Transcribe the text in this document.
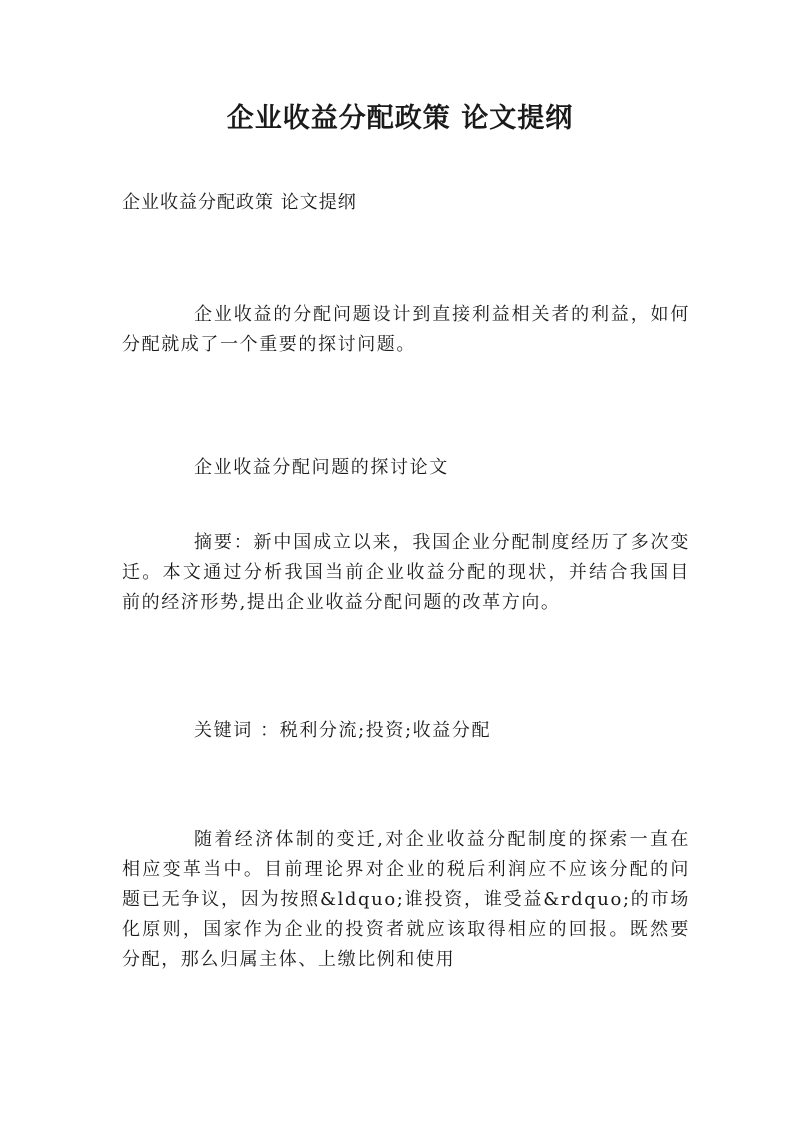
企业收益分配政策 论文提纲
企业收益分配政策 论文提纲
企业收益的分配问题设计到直接利益相关者的利益，如何分配就成了一个重要的探讨问题。
企业收益分配问题的探讨论文
摘要：新中国成立以来，我国企业分配制度经历了多次变迁。本文通过分析我国当前企业收益分配的现状，并结合我国目前的经济形势,提出企业收益分配问题的改革方向。
关键词 ：税利分流;投资;收益分配
随着经济体制的变迁,对企业收益分配制度的探索一直在相应变革当中。目前理论界对企业的税后利润应不应该分配的问题已无争议，因为按照&ldquo;谁投资，谁受益&rdquo;的市场化原则，国家作为企业的投资者就应该取得相应的回报。既然要分配，那么归属主体、上缴比例和使用
